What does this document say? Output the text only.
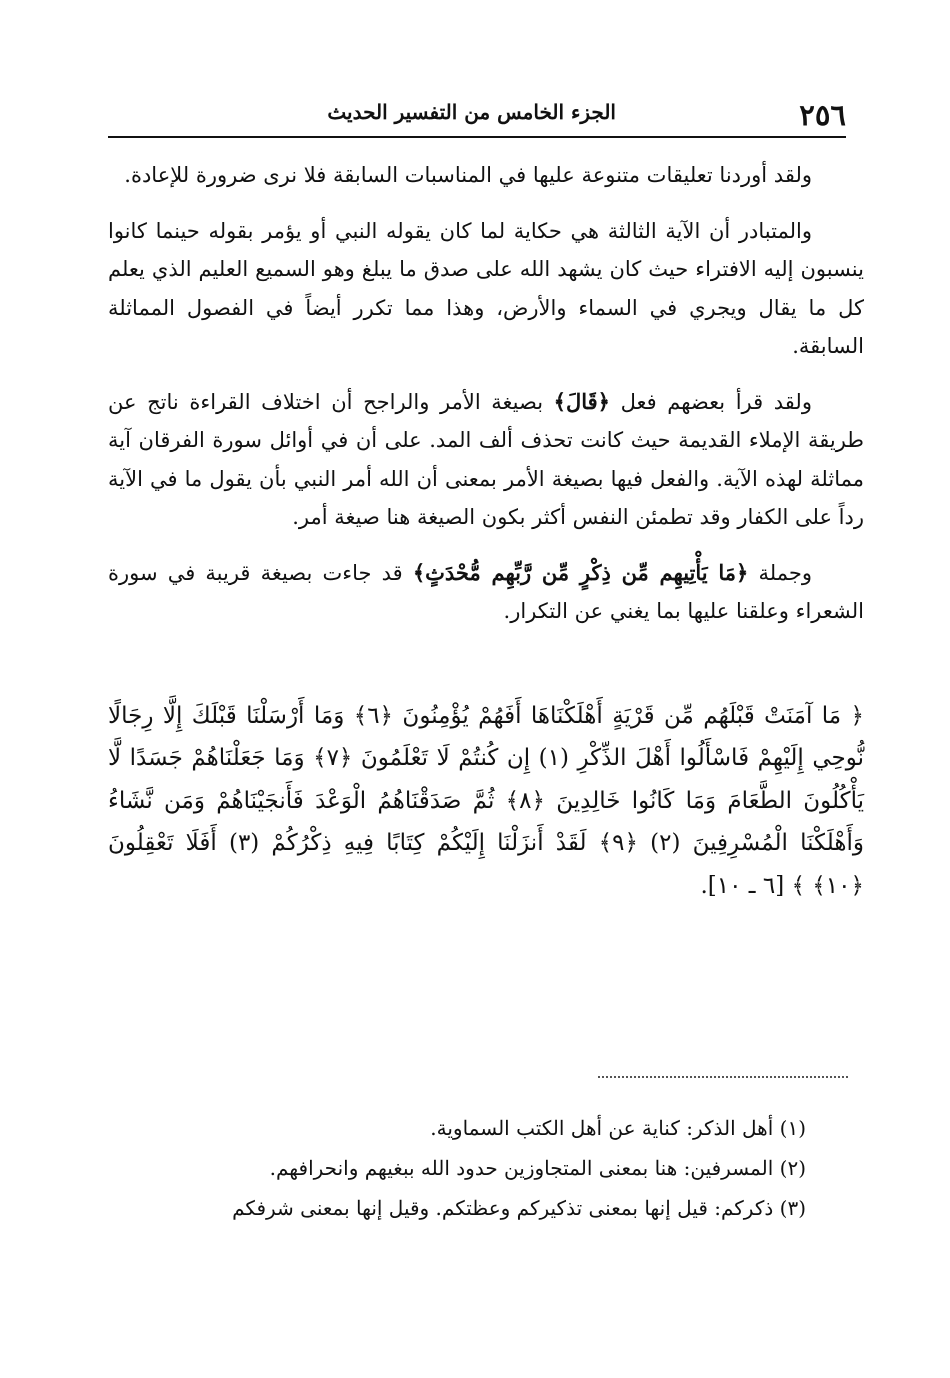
٢٥٦
الجزء الخامس من التفسير الحديث

ولقد أوردنا تعليقات متنوعة عليها في المناسبات السابقة فلا نرى ضرورة للإعادة.

والمتبادر أن الآية الثالثة هي حكاية لما كان يقوله النبي أو يؤمر بقوله حينما كانوا ينسبون إليه الافتراء حيث كان يشهد الله على صدق ما يبلغ وهو السميع العليم الذي يعلم كل ما يقال ويجري في السماء والأرض، وهذا مما تكرر أيضاً في الفصول المماثلة السابقة.

ولقد قرأ بعضهم فعل ﴿قَالَ﴾ بصيغة الأمر والراجح أن اختلاف القراءة ناتج عن طريقة الإملاء القديمة حيث كانت تحذف ألف المد. على أن في أوائل سورة الفرقان آية مماثلة لهذه الآية. والفعل فيها بصيغة الأمر بمعنى أن الله أمر النبي بأن يقول ما في الآية رداً على الكفار وقد تطمئن النفس أكثر بكون الصيغة هنا صيغة أمر.

وجملة ﴿مَا يَأْتِيهِم مِّن ذِكْرٍ مِّن رَّبِّهِم مُّحْدَثٍ﴾ قد جاءت بصيغة قريبة في سورة الشعراء وعلقنا عليها بما يغني عن التكرار.

﴿ مَا آمَنَتْ قَبْلَهُم مِّن قَرْيَةٍ أَهْلَكْنَاهَا أَفَهُمْ يُؤْمِنُونَ ﴿٦﴾ وَمَا أَرْسَلْنَا قَبْلَكَ إِلَّا رِجَالًا نُّوحِي إِلَيْهِمْ فَاسْأَلُوا أَهْلَ الذِّكْرِ (١) إِن كُنتُمْ لَا تَعْلَمُونَ ﴿٧﴾ وَمَا جَعَلْنَاهُمْ جَسَدًا لَّا يَأْكُلُونَ الطَّعَامَ وَمَا كَانُوا خَالِدِينَ ﴿٨﴾ ثُمَّ صَدَقْنَاهُمُ الْوَعْدَ فَأَنجَيْنَاهُمْ وَمَن نَّشَاءُ وَأَهْلَكْنَا الْمُسْرِفِينَ (٢) ﴿٩﴾ لَقَدْ أَنزَلْنَا إِلَيْكُمْ كِتَابًا فِيهِ ذِكْرُكُمْ (٣) أَفَلَا تَعْقِلُونَ ﴿١٠﴾ ﴾ [٦ ـ ١٠].

(١) أهل الذكر: كناية عن أهل الكتب السماوية.

(٢) المسرفين: هنا بمعنى المتجاوزين حدود الله ببغيهم وانحرافهم.

(٣) ذكركم: قيل إنها بمعنى تذكيركم وعظتكم. وقيل إنها بمعنى شرفكم
